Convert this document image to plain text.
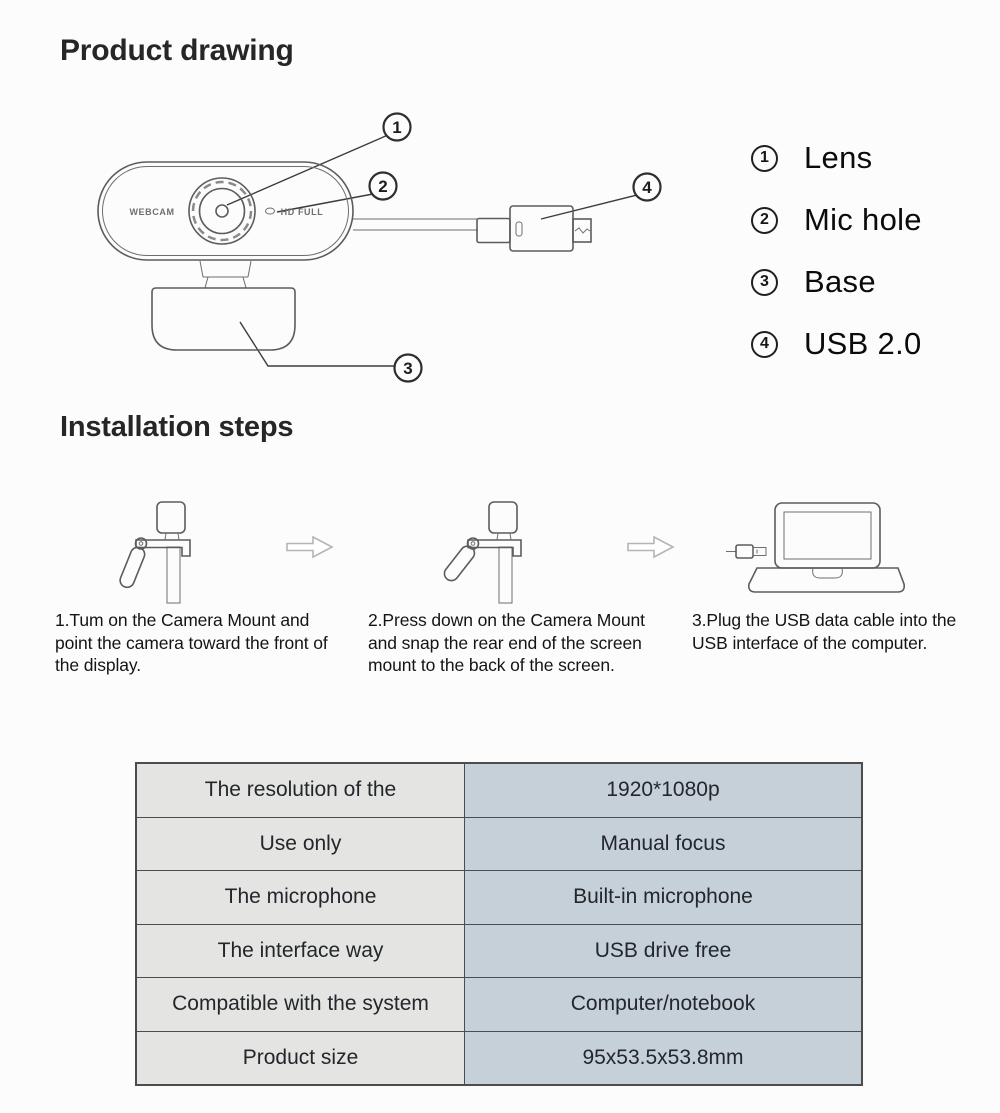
Product drawing
WEBCAM	HD FULL
1
2
3
4
1 Lens
2 Mic hole
3 Base
4 USB 2.0
Installation steps

1.Tum on the Camera Mount and point the camera toward the front of the display.

2.Press down on the Camera Mount and snap the rear end of the screen mount to the back of the screen.

3.Plug the USB data cable into the USB interface of the computer.

The resolution of the	1920*1080p
Use only	Manual focus
The microphone	Built-in microphone
The interface way	USB drive free
Compatible with the system	Computer/notebook
Product size	95x53.5x53.8mm
